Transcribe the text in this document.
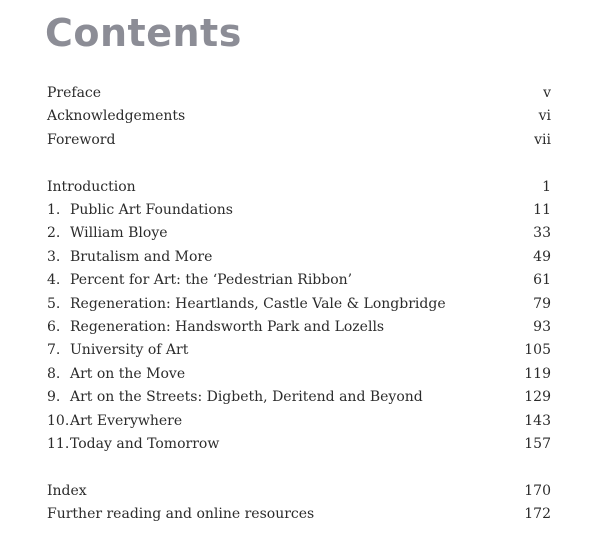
Contents
Preface	v
Acknowledgements	vi
Foreword	vii
Introduction	1
1. Public Art Foundations	11
2. William Bloye	33
3. Brutalism and More	49
4. Percent for Art: the ‘Pedestrian Ribbon’	61
5. Regeneration: Heartlands, Castle Vale & Longbridge	79
6. Regeneration: Handsworth Park and Lozells	93
7. University of Art	105
8. Art on the Move	119
9. Art on the Streets: Digbeth, Deritend and Beyond	129
10.Art Everywhere	143
11.Today and Tomorrow	157
Index	170
Further reading and online resources	172
